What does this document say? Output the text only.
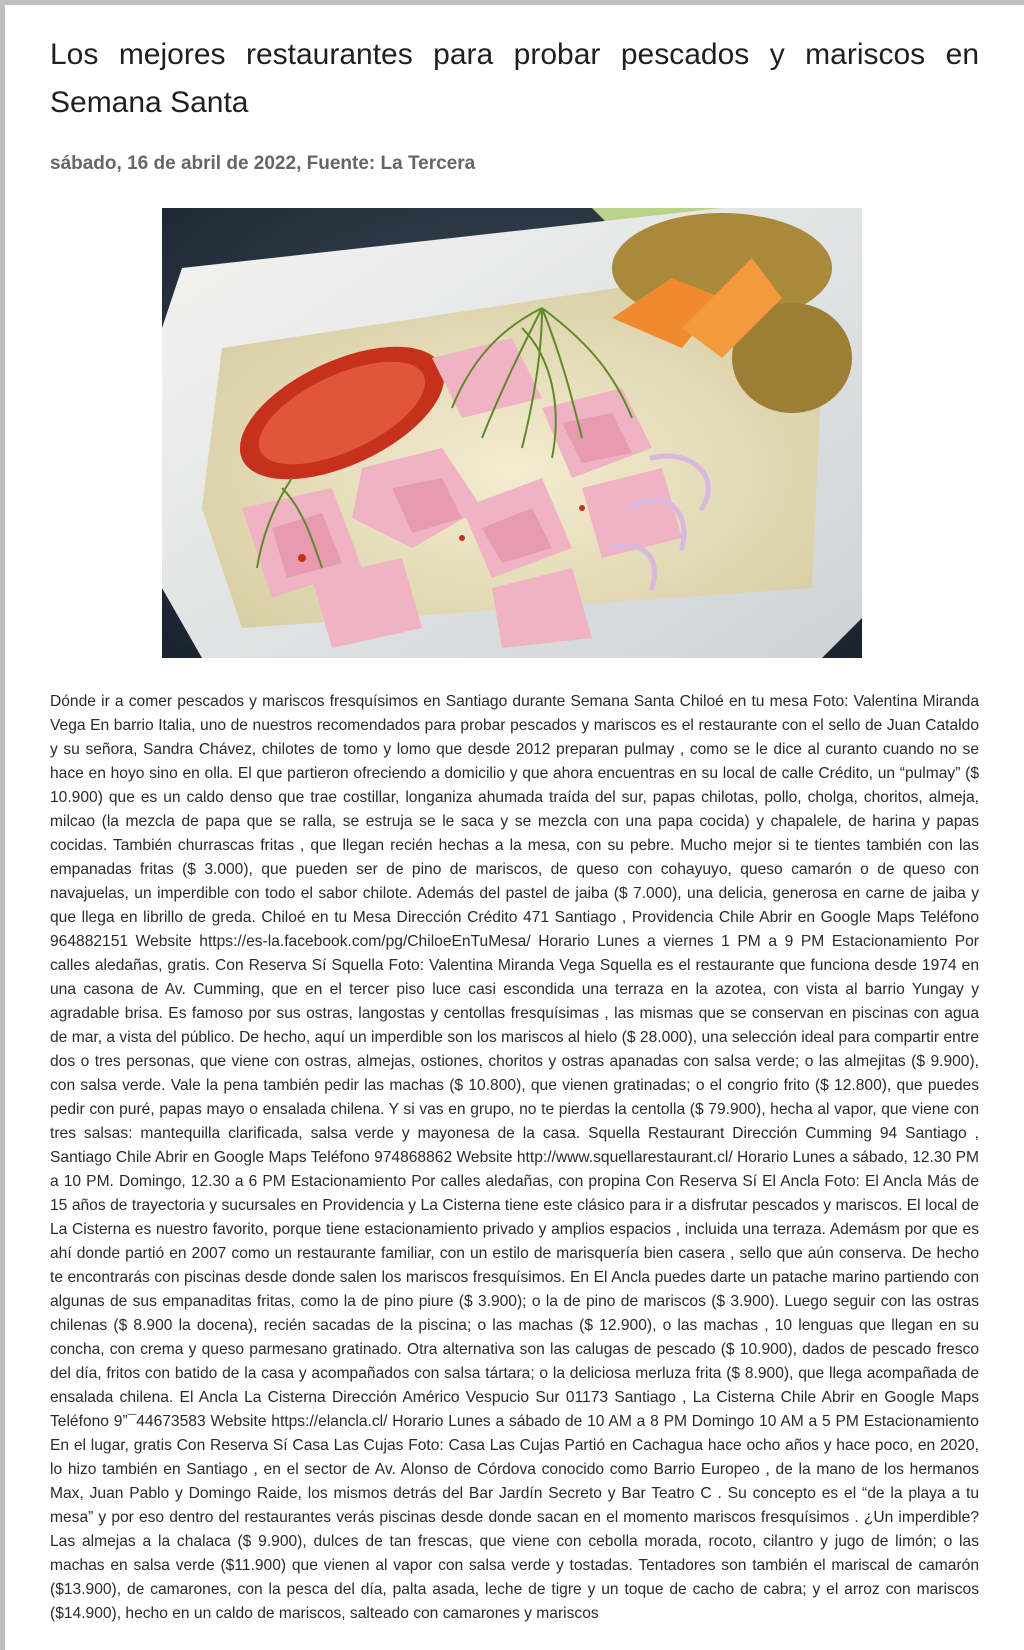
Los mejores restaurantes para probar pescados y mariscos en Semana Santa
sábado, 16 de abril de 2022, Fuente: La Tercera
Dónde ir a comer pescados y mariscos fresquísimos en Santiago durante Semana Santa Chiloé en tu mesa Foto: Valentina Miranda Vega En barrio Italia, uno de nuestros recomendados para probar pescados y mariscos es el restaurante con el sello de Juan Cataldo y su señora, Sandra Chávez, chilotes de tomo y lomo que desde 2012 preparan pulmay , como se le dice al curanto cuando no se hace en hoyo sino en olla. El que partieron ofreciendo a domicilio y que ahora encuentras en su local de calle Crédito, un “pulmay” ($ 10.900) que es un caldo denso que trae costillar, longaniza ahumada traída del sur, papas chilotas, pollo, cholga, choritos, almeja, milcao (la mezcla de papa que se ralla, se estruja se le saca y se mezcla con una papa cocida) y chapalele, de harina y papas cocidas. También churrascas fritas , que llegan recién hechas a la mesa, con su pebre. Mucho mejor si te tientes también con las empanadas fritas ($ 3.000), que pueden ser de pino de mariscos, de queso con cohayuyo, queso camarón o de queso con navajuelas, un imperdible con todo el sabor chilote. Además del pastel de jaiba ($ 7.000), una delicia, generosa en carne de jaiba y que llega en librillo de greda. Chiloé en tu Mesa Dirección Crédito 471 Santiago , Providencia Chile Abrir en Google Maps Teléfono 964882151 Website https://es-la.facebook.com/pg/ChiloeEnTuMesa/ Horario Lunes a viernes 1 PM a 9 PM Estacionamiento Por calles aledañas, gratis. Con Reserva Sí Squella Foto: Valentina Miranda Vega Squella es el restaurante que funciona desde 1974 en una casona de Av. Cumming, que en el tercer piso luce casi escondida una terraza en la azotea, con vista al barrio Yungay y agradable brisa. Es famoso por sus ostras, langostas y centollas fresquísimas , las mismas que se conservan en piscinas con agua de mar, a vista del público. De hecho, aquí un imperdible son los mariscos al hielo ($ 28.000), una selección ideal para compartir entre dos o tres personas, que viene con ostras, almejas, ostiones, choritos y ostras apanadas con salsa verde; o las almejitas ($ 9.900), con salsa verde. Vale la pena también pedir las machas ($ 10.800), que vienen gratinadas; o el congrio frito ($ 12.800), que puedes pedir con puré, papas mayo o ensalada chilena. Y si vas en grupo, no te pierdas la centolla ($ 79.900), hecha al vapor, que viene con tres salsas: mantequilla clarificada, salsa verde y mayonesa de la casa. Squella Restaurant Dirección Cumming 94 Santiago , Santiago Chile Abrir en Google Maps Teléfono 974868862 Website http://www.squellarestaurant.cl/ Horario Lunes a sábado, 12.30 PM a 10 PM. Domingo, 12.30 a 6 PM Estacionamiento Por calles aledañas, con propina Con Reserva Sí El Ancla Foto: El Ancla Más de 15 años de trayectoria y sucursales en Providencia y La Cisterna tiene este clásico para ir a disfrutar pescados y mariscos. El local de La Cisterna es nuestro favorito, porque tiene estacionamiento privado y amplios espacios , incluida una terraza. Ademásm por que es ahí donde partió en 2007 como un restaurante familiar, con un estilo de marisquería bien casera , sello que aún conserva. De hecho te encontrarás con piscinas desde donde salen los mariscos fresquísimos. En El Ancla puedes darte un patache marino partiendo con algunas de sus empanaditas fritas, como la de pino piure ($ 3.900); o la de pino de mariscos ($ 3.900). Luego seguir con las ostras chilenas ($ 8.900 la docena), recién sacadas de la piscina; o las machas ($ 12.900), o las machas , 10 lenguas que llegan en su concha, con crema y queso parmesano gratinado. Otra alternativa son las calugas de pescado ($ 10.900), dados de pescado fresco del día, fritos con batido de la casa y acompañados con salsa tártara; o la deliciosa merluza frita ($ 8.900), que llega acompañada de ensalada chilena. El Ancla La Cisterna Dirección Américo Vespucio Sur 01173 Santiago , La Cisterna Chile Abrir en Google Maps Teléfono 9”¯44673583 Website https://elancla.cl/ Horario Lunes a sábado de 10 AM a 8 PM Domingo 10 AM a 5 PM Estacionamiento En el lugar, gratis Con Reserva Sí Casa Las Cujas Foto: Casa Las Cujas Partió en Cachagua hace ocho años y hace poco, en 2020, lo hizo también en Santiago , en el sector de Av. Alonso de Córdova conocido como Barrio Europeo , de la mano de los hermanos Max, Juan Pablo y Domingo Raide, los mismos detrás del Bar Jardín Secreto y Bar Teatro C . Su concepto es el “de la playa a tu mesa” y por eso dentro del restaurantes verás piscinas desde donde sacan en el momento mariscos fresquísimos . ¿Un imperdible? Las almejas a la chalaca ($ 9.900), dulces de tan frescas, que viene con cebolla morada, rocoto, cilantro y jugo de limón; o las machas en salsa verde ($11.900) que vienen al vapor con salsa verde y tostadas. Tentadores son también el mariscal de camarón ($13.900), de camarones, con la pesca del día, palta asada, leche de tigre y un toque de cacho de cabra; y el arroz con mariscos ($14.900), hecho en un caldo de mariscos, salteado con camarones y mariscos
